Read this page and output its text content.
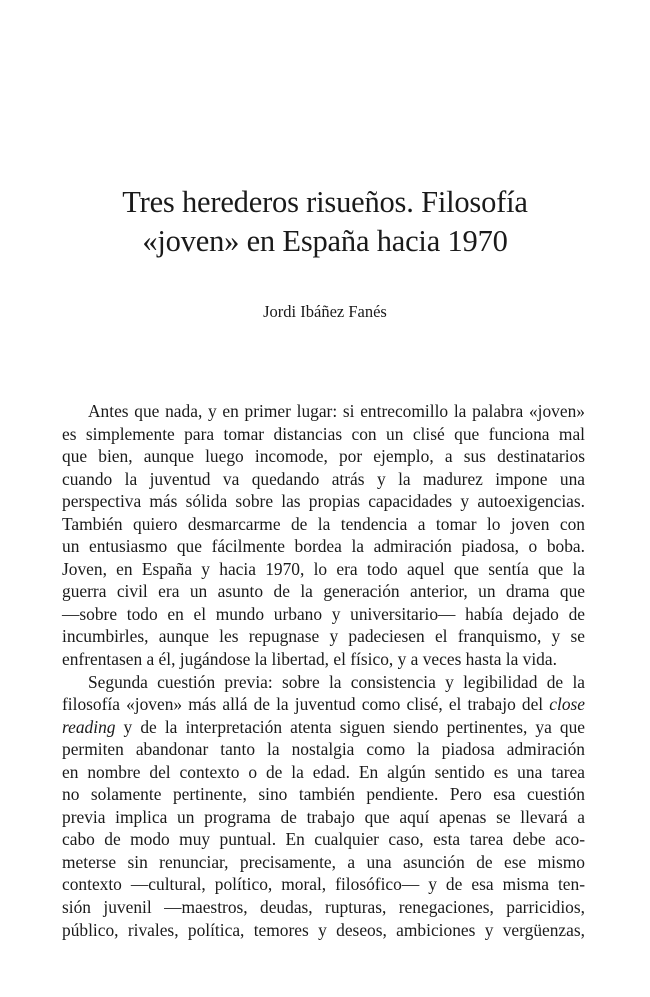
Tres herederos risueños. Filosofía
«joven» en España hacia 1970

Jordi Ibáñez Fanés

Antes que nada, y en primer lugar: si entrecomillo la palabra «joven»
es simplemente para tomar distancias con un clisé que funciona mal
que bien, aunque luego incomode, por ejemplo, a sus destinatarios
cuando la juventud va quedando atrás y la madurez impone una
perspectiva más sólida sobre las propias capacidades y autoexigencias.
También quiero desmarcarme de la tendencia a tomar lo joven con
un entusiasmo que fácilmente bordea la admiración piadosa, o boba.
Joven, en España y hacia 1970, lo era todo aquel que sentía que la
guerra civil era un asunto de la generación anterior, un drama que
—sobre todo en el mundo urbano y universitario— había dejado de
incumbirles, aunque les repugnase y padeciesen el franquismo, y se
enfrentasen a él, jugándose la libertad, el físico, y a veces hasta la vida.
Segunda cuestión previa: sobre la consistencia y legibilidad de la
filosofía «joven» más allá de la juventud como clisé, el trabajo del close
reading y de la interpretación atenta siguen siendo pertinentes, ya que
permiten abandonar tanto la nostalgia como la piadosa admiración
en nombre del contexto o de la edad. En algún sentido es una tarea
no solamente pertinente, sino también pendiente. Pero esa cuestión
previa implica un programa de trabajo que aquí apenas se llevará a
cabo de modo muy puntual. En cualquier caso, esta tarea debe aco-
meterse sin renunciar, precisamente, a una asunción de ese mismo
contexto —cultural, político, moral, filosófico— y de esa misma ten-
sión juvenil —maestros, deudas, rupturas, renegaciones, parricidios,
público, rivales, política, temores y deseos, ambiciones y vergüenzas,
